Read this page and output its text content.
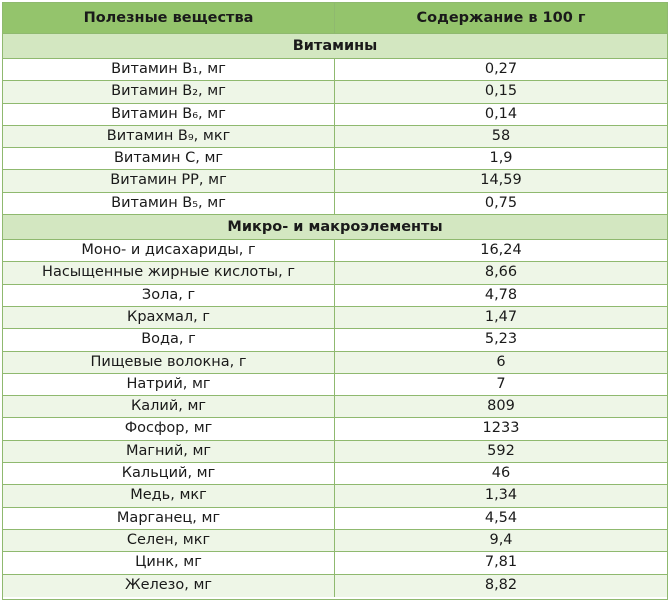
Полезные вещества	Содержание в 100 г
Витамины
Витамин B₁, мг	0,27
Витамин B₂, мг	0,15
Витамин B₆, мг	0,14
Витамин B₉, мкг	58
Витамин C, мг	1,9
Витамин PP, мг	14,59
Витамин B₅, мг	0,75
Микро- и макроэлементы
Моно- и дисахариды, г	16,24
Насыщенные жирные кислоты, г	8,66
Зола, г	4,78
Крахмал, г	1,47
Вода, г	5,23
Пищевые волокна, г	6
Натрий, мг	7
Калий, мг	809
Фосфор, мг	1233
Магний, мг	592
Кальций, мг	46
Медь, мкг	1,34
Марганец, мг	4,54
Селен, мкг	9,4
Цинк, мг	7,81
Железо, мг	8,82
